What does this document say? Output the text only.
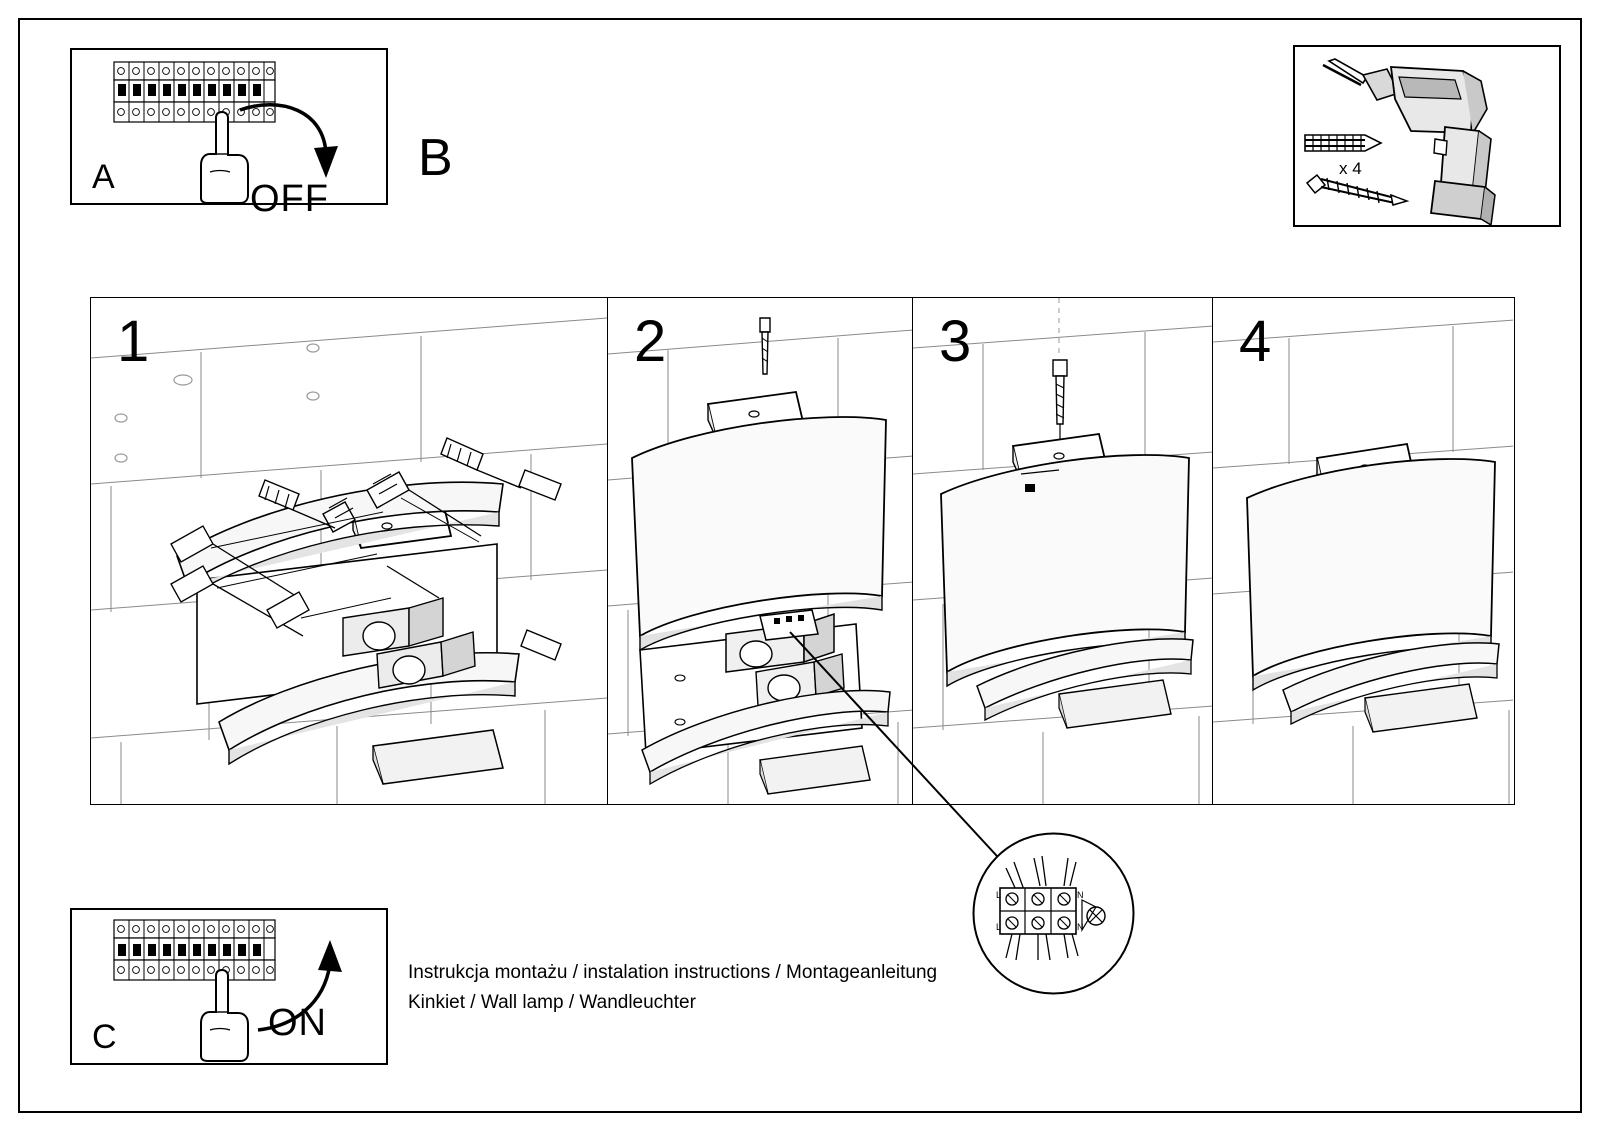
A
OFF
B	x 4
1	2	3	4
L	N
L	N
C	ON
Instrukcja montażu / instalation instructions / Montageanleitung
Kinkiet / Wall lamp / Wandleuchter
